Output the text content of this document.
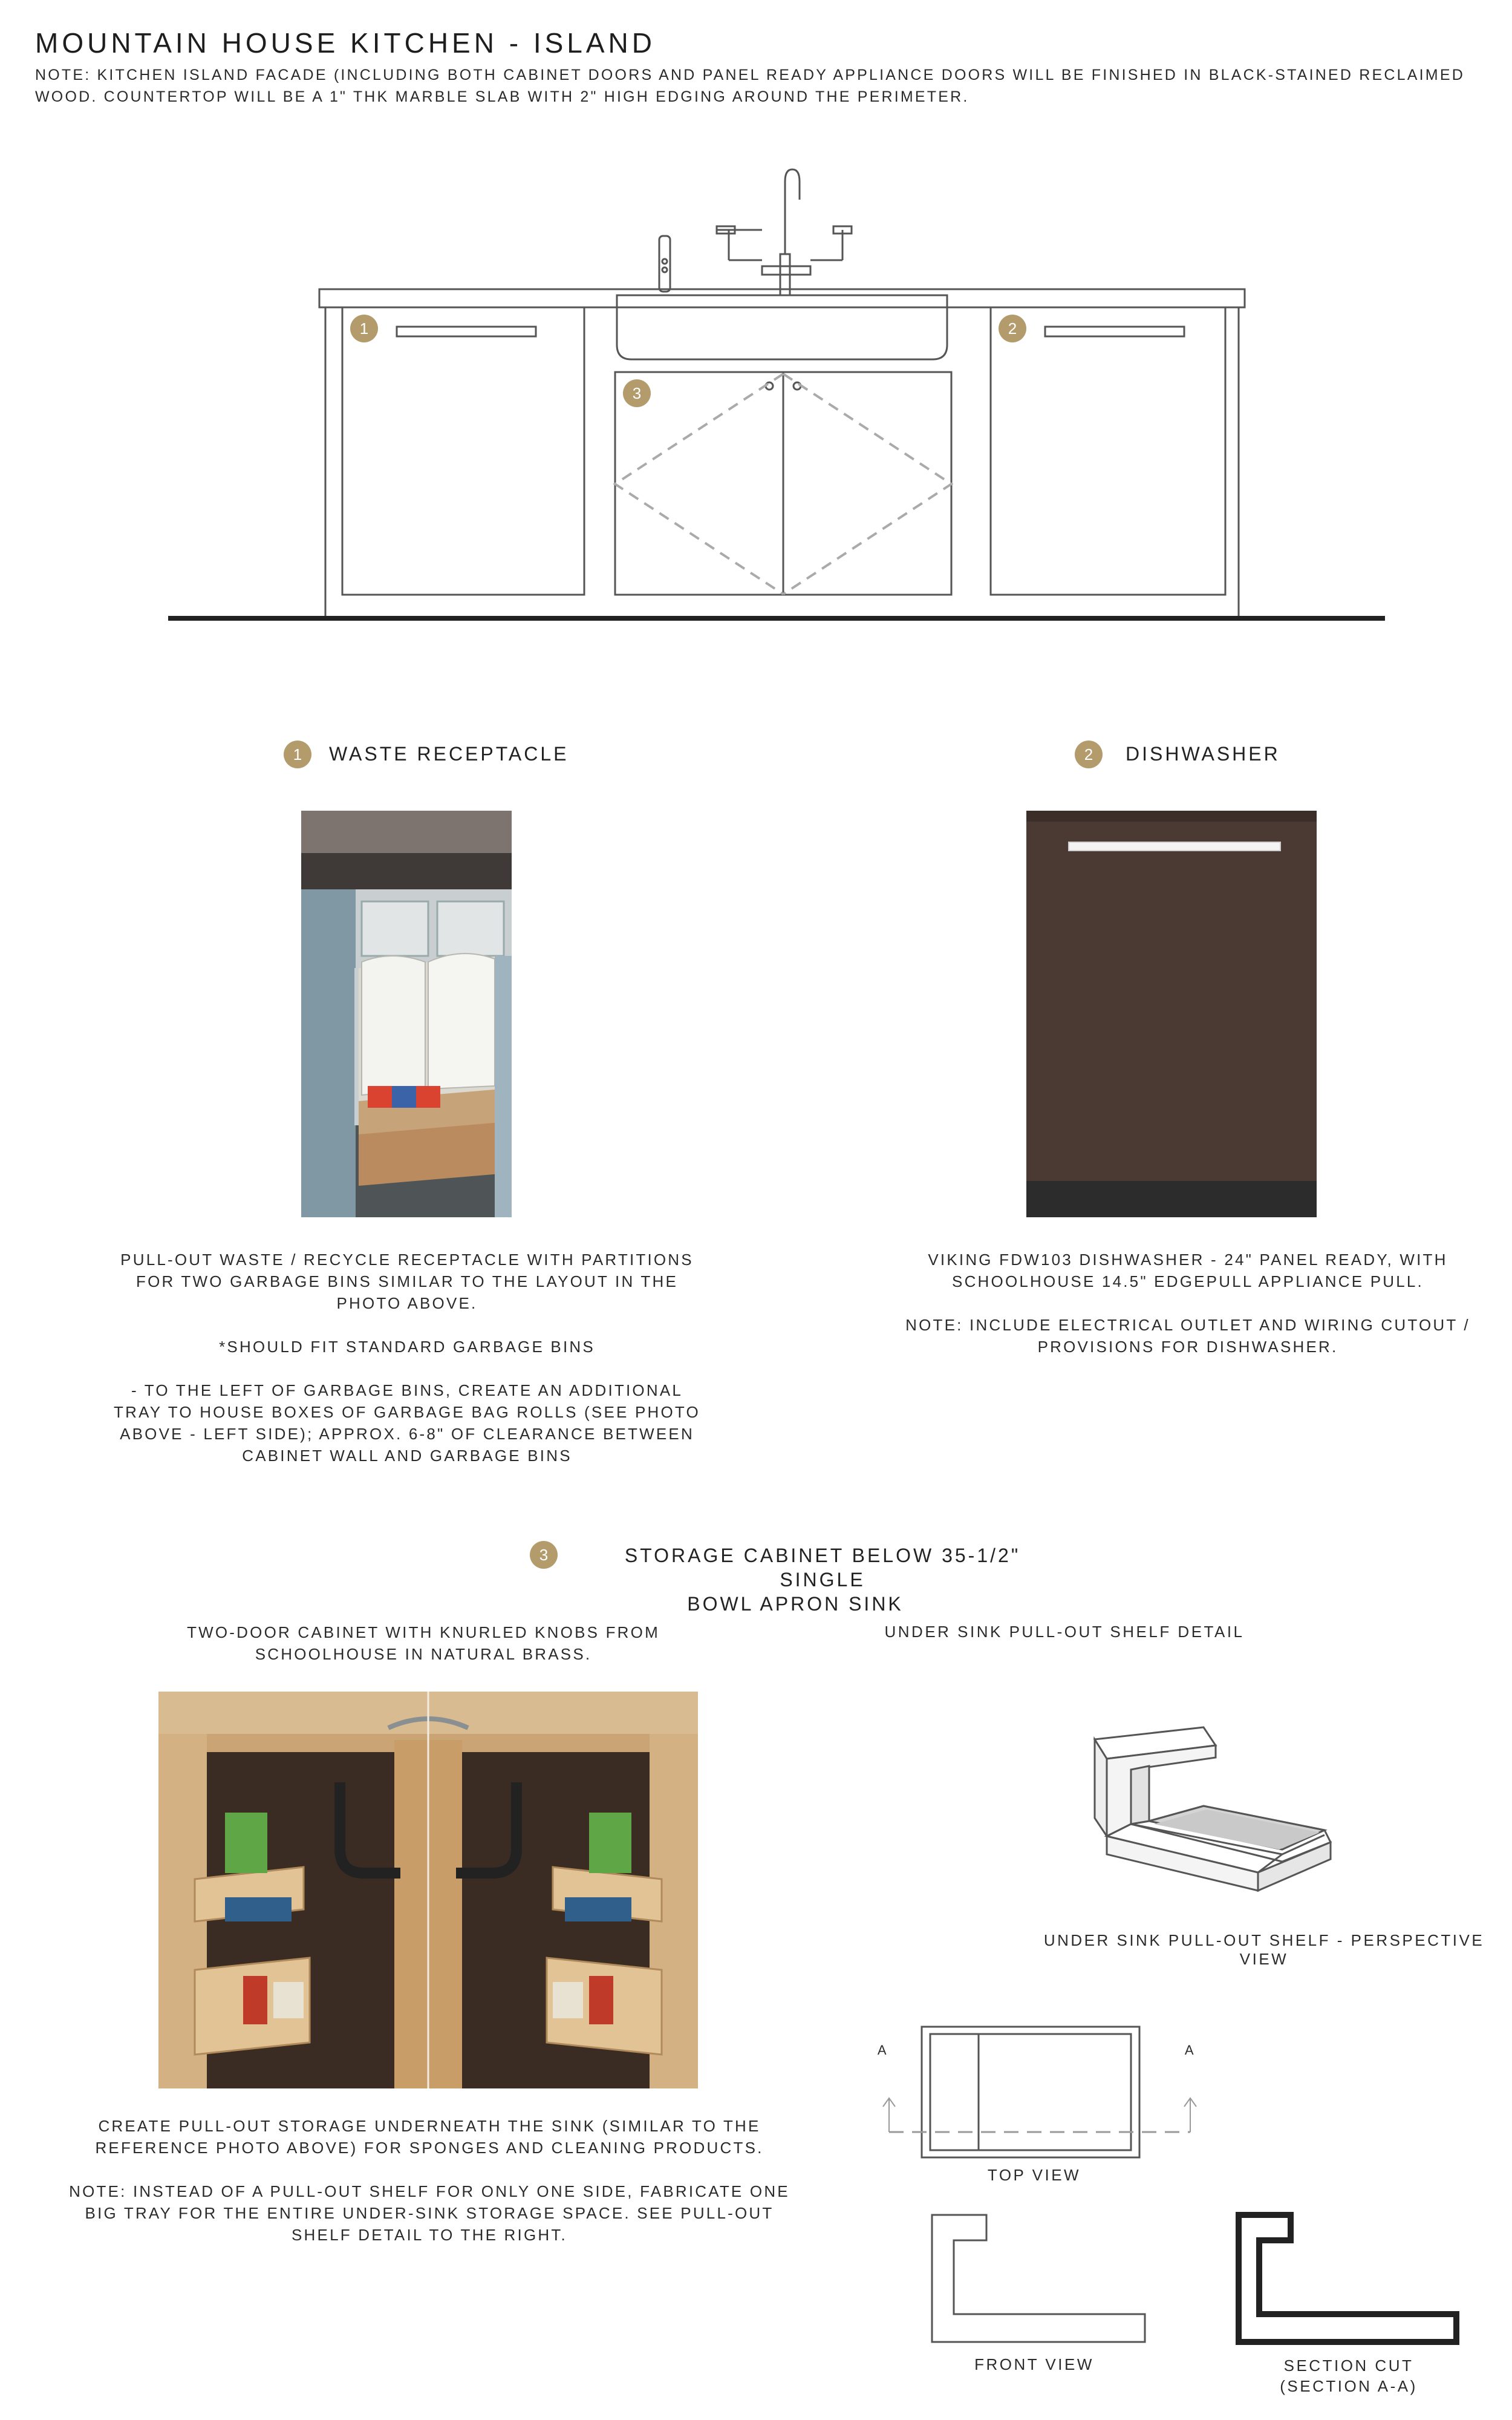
MOUNTAIN HOUSE KITCHEN - ISLAND
NOTE: KITCHEN ISLAND FACADE (INCLUDING BOTH CABINET DOORS AND PANEL READY APPLIANCE DOORS WILL BE FINISHED IN BLACK-STAINED RECLAIMED WOOD. COUNTERTOP WILL BE A 1" THK MARBLE SLAB WITH 2" HIGH EDGING AROUND THE PERIMETER.
1	2
3
1	WASTE RECEPTACLE

PULL-OUT WASTE / RECYCLE RECEPTACLE WITH PARTITIONS FOR TWO GARBAGE BINS SIMILAR TO THE LAYOUT IN THE PHOTO ABOVE.

*SHOULD FIT STANDARD GARBAGE BINS

- TO THE LEFT OF GARBAGE BINS, CREATE AN ADDITIONAL TRAY TO HOUSE BOXES OF GARBAGE BAG ROLLS (SEE PHOTO ABOVE - LEFT SIDE); APPROX. 6-8" OF CLEARANCE BETWEEN CABINET WALL AND GARBAGE BINS

2	DISHWASHER

VIKING FDW103 DISHWASHER - 24" PANEL READY, WITH SCHOOLHOUSE 14.5" EDGEPULL APPLIANCE PULL.

NOTE: INCLUDE ELECTRICAL OUTLET AND WIRING CUTOUT / PROVISIONS FOR DISHWASHER.

3	STORAGE CABINET BELOW 35-1/2" SINGLE
BOWL APRON SINK
TWO-DOOR CABINET WITH KNURLED KNOBS FROM SCHOOLHOUSE IN NATURAL BRASS.

CREATE PULL-OUT STORAGE UNDERNEATH THE SINK (SIMILAR TO THE REFERENCE PHOTO ABOVE) FOR SPONGES AND CLEANING PRODUCTS.

NOTE: INSTEAD OF A PULL-OUT SHELF FOR ONLY ONE SIDE, FABRICATE ONE BIG TRAY FOR THE ENTIRE UNDER-SINK STORAGE SPACE. SEE PULL-OUT SHELF DETAIL TO THE RIGHT.

UNDER SINK PULL-OUT SHELF DETAIL
UNDER SINK PULL-OUT SHELF - PERSPECTIVE VIEW
A	A
TOP VIEW
FRONT VIEW	SECTION CUT
(SECTION A-A)
